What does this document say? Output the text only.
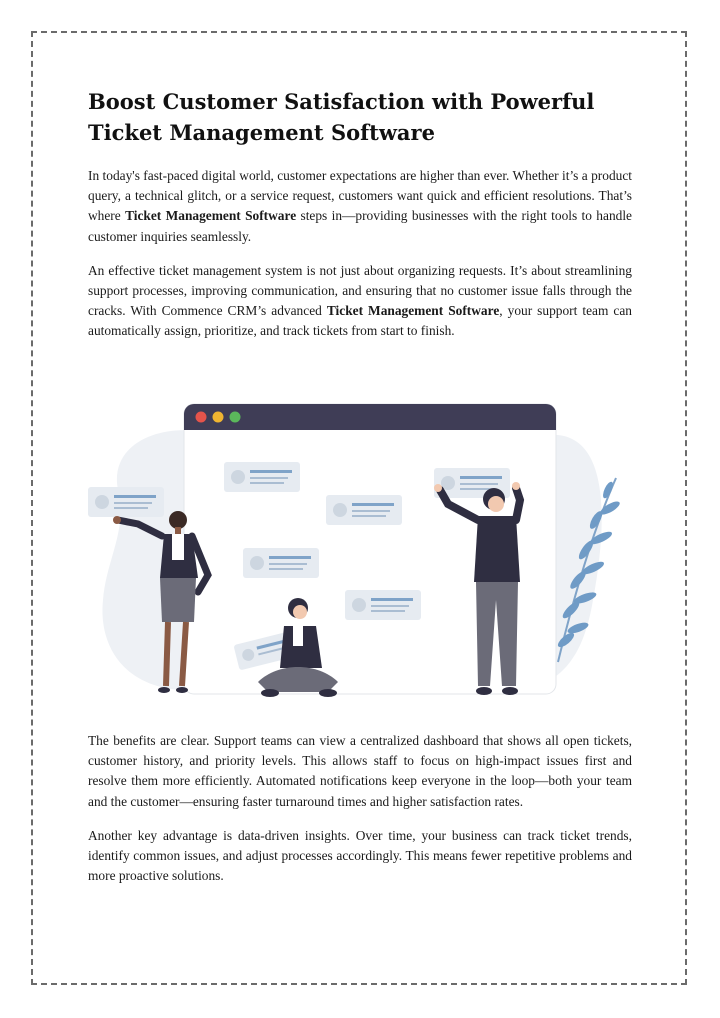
Boost Customer Satisfaction with Powerful Ticket Management Software

In today's fast-paced digital world, customer expectations are higher than ever. Whether it’s a product query, a technical glitch, or a service request, customers want quick and efficient resolutions. That’s where Ticket Management Software steps in—providing businesses with the right tools to handle customer inquiries seamlessly.

An effective ticket management system is not just about organizing requests. It’s about streamlining support processes, improving communication, and ensuring that no customer issue falls through the cracks. With Commence CRM’s advanced Ticket Management Software, your support team can automatically assign, prioritize, and track tickets from start to finish.

The benefits are clear. Support teams can view a centralized dashboard that shows all open tickets, customer history, and priority levels. This allows staff to focus on high-impact issues first and resolve them more efficiently. Automated notifications keep everyone in the loop—both your team and the customer—ensuring faster turnaround times and higher satisfaction rates.

Another key advantage is data-driven insights. Over time, your business can track ticket trends, identify common issues, and adjust processes accordingly. This means fewer repetitive problems and more proactive solutions.
